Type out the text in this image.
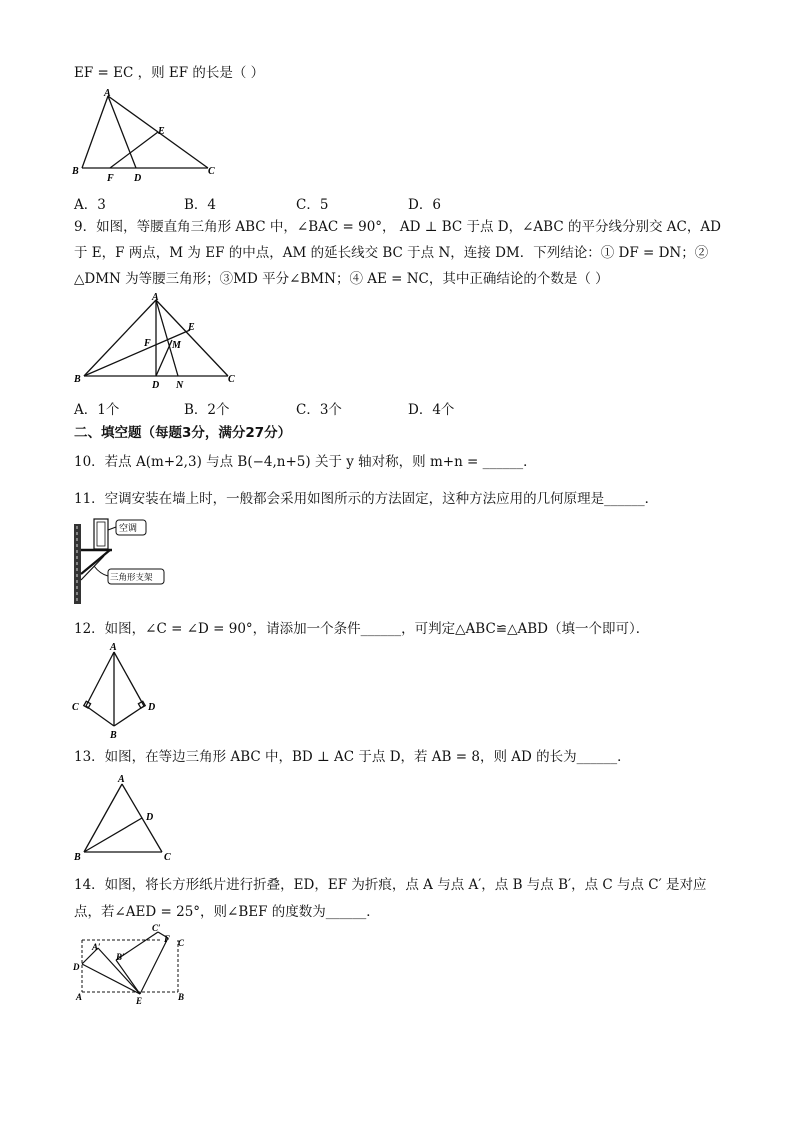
EF = EC ，则 EF 的长是（ ）
A
B	C
D
E
F
A．3	B．4	C．5	D．6
9．如图，等腰直角三角形 ABC 中，∠BAC = 90°， AD ⊥ BC 于点 D，∠ABC 的平分线分别交 AC，AD
于 E，F 两点，M 为 EF 的中点，AM 的延长线交 BC 于点 N，连接 DM．下列结论：① DF = DN；②
△DMN 为等腰三角形；③MD 平分∠BMN；④ AE = NC，其中正确结论的个数是（ ）
A
B	C
D
E
F M
N
A．1个	B．2个	C．3个	D．4个
二、填空题（每题3分，满分27分）
10．若点 A(m+2,3) 与点 B(−4,n+5) 关于 y 轴对称，则 m+n = ______．
11．空调安装在墙上时，一般都会采用如图所示的方法固定，这种方法应用的几何原理是______．
空调
三角形支架
12．如图，∠C = ∠D = 90°，请添加一个条件______，可判定△ABC≌△ABD（填一个即可）．
A
C	D
B
13．如图，在等边三角形 ABC 中，BD ⊥ AC 于点 D，若 AB = 8，则 AD 的长为______．
A
B	C
D
14．如图，将长方形纸片进行折叠，ED，EF 为折痕，点 A 与点 A′，点 B 与点 B′，点 C 与点 C′ 是对应
点，若∠AED = 25°，则∠BEF 的度数为______．
A′
B′
C′
D
A	E	B
C
F
